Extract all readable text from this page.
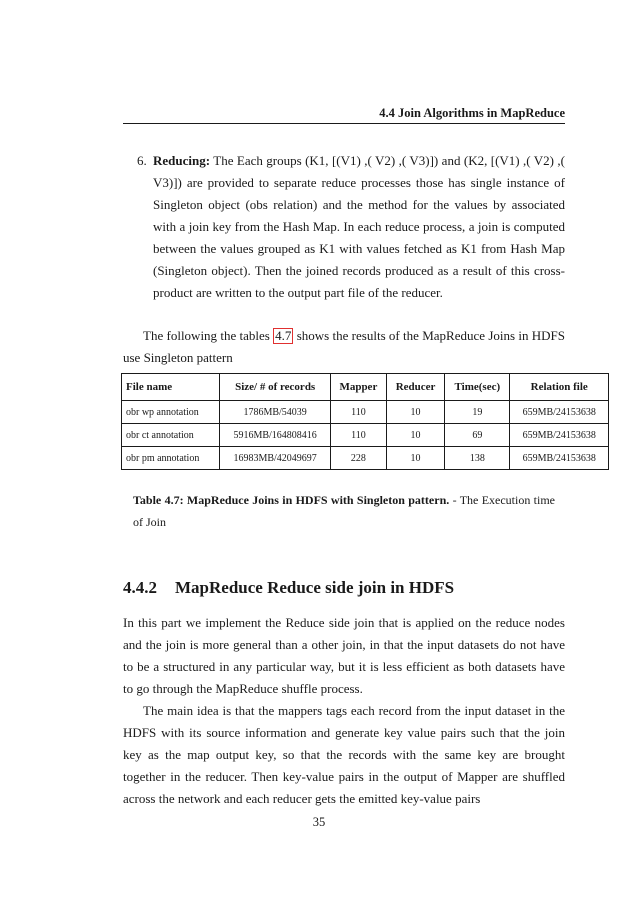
4.4 Join Algorithms in MapReduce
6. Reducing: The Each groups (K1, [(V1) ,( V2) ,( V3)]) and (K2, [(V1) ,( V2) ,( V3)]) are provided to separate reduce processes those has single instance of Singleton object (obs relation) and the method for the values by associated with a join key from the Hash Map. In each reduce process, a join is computed between the values grouped as K1 with values fetched as K1 from Hash Map (Singleton object). Then the joined records produced as a result of this cross-product are written to the output part file of the reducer.
The following the tables 4.7 shows the results of the MapReduce Joins in HDFS use Singleton pattern
File name	Size/ # of records	Mapper	Reducer	Time(sec)	Relation file
obr wp annotation	1786MB/54039	110	10	19	659MB/24153638
obr ct annotation	5916MB/164808416	110	10	69	659MB/24153638
obr pm annotation	16983MB/42049697	228	10	138	659MB/24153638
Table 4.7: MapReduce Joins in HDFS with Singleton pattern. - The Execution time of Join
4.4.2 MapReduce Reduce side join in HDFS
In this part we implement the Reduce side join that is applied on the reduce nodes and the join is more general than a other join, in that the input datasets do not have to be a structured in any particular way, but it is less efficient as both datasets have to go through the MapReduce shuffle process.
The main idea is that the mappers tags each record from the input dataset in the HDFS with its source information and generate key value pairs such that the join key as the map output key, so that the records with the same key are brought together in the reducer. Then key-value pairs in the output of Mapper are shuffled across the network and each reducer gets the emitted key-value pairs
35
